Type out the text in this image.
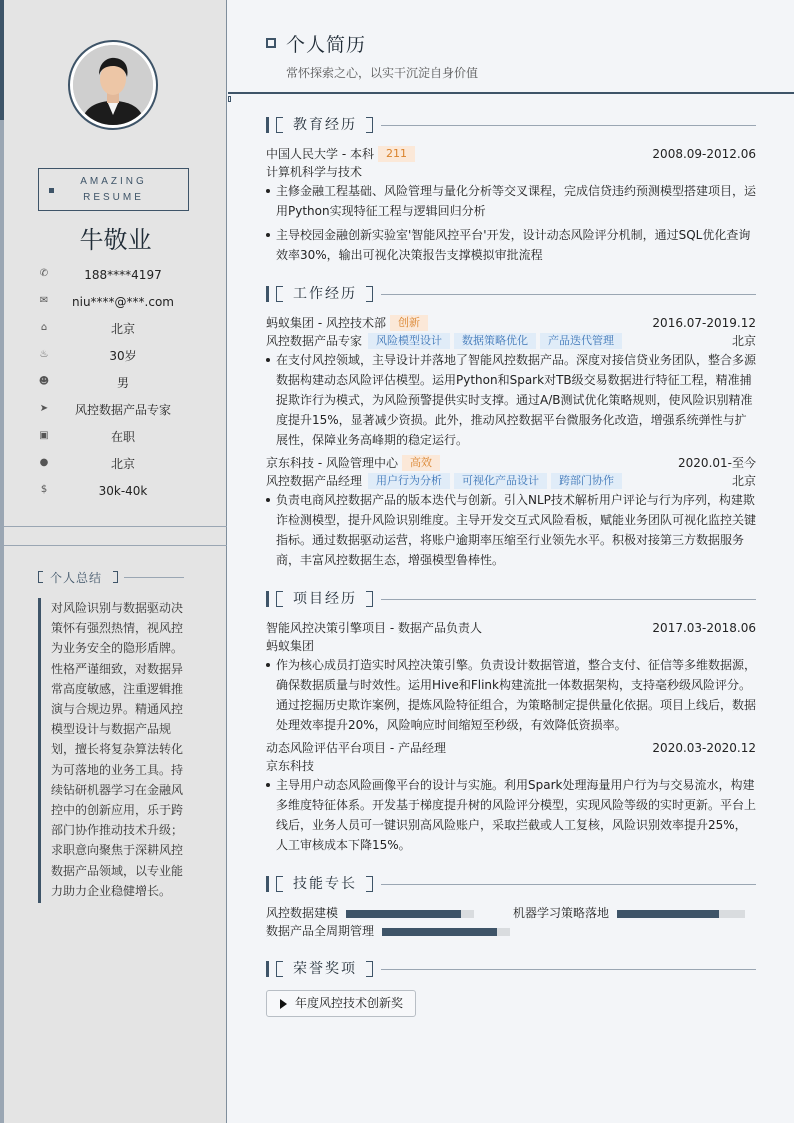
AMAZING
RESUME
牛敬业
✆	188****4197
✉	niu****@***.com
⌂	北京
♨	30岁
☻	男
➤	风控数据产品专家
▣	在职
●	北京
$	30k-40k
个人总结
对风险识别与数据驱动决策怀有强烈热情，视风控为业务安全的隐形盾牌。性格严谨细致，对数据异常高度敏感，注重逻辑推演与合规边界。精通风控模型设计与数据产品规划，擅长将复杂算法转化为可落地的业务工具。持续钻研机器学习在金融风控中的创新应用，乐于跨部门协作推动技术升级；求职意向聚焦于深耕风控数据产品领域，以专业能力助力企业稳健增长。
个人简历
常怀探索之心，以实干沉淀自身价值
教育经历
中国人民大学 - 本科 211	2008.09-2012.06
计算机科学与技术
主修金融工程基础、风险管理与量化分析等交叉课程，完成信贷违约预测模型搭建项目，运用Python实现特征工程与逻辑回归分析
主导校园金融创新实验室'智能风控平台'开发，设计动态风险评分机制，通过SQL优化查询效率30%，输出可视化决策报告支撑模拟审批流程
工作经历
蚂蚁集团 - 风控技术部 创新	2016.07-2019.12
风控数据产品专家 风险模型设计 数据策略优化 产品迭代管理	北京
在支付风控领域，主导设计并落地了智能风控数据产品。深度对接信贷业务团队，整合多源数据构建动态风险评估模型。运用Python和Spark对TB级交易数据进行特征工程，精准捕捉欺诈行为模式，为风险预警提供实时支撑。通过A/B测试优化策略规则，使风险识别精准度提升15%，显著减少资损。此外，推动风控数据平台微服务化改造，增强系统弹性与扩展性，保障业务高峰期的稳定运行。
京东科技 - 风险管理中心 高效	2020.01-至今
风控数据产品经理 用户行为分析 可视化产品设计 跨部门协作	北京
负责电商风控数据产品的版本迭代与创新。引入NLP技术解析用户评论与行为序列，构建欺诈检测模型，提升风险识别维度。主导开发交互式风险看板，赋能业务团队可视化监控关键指标。通过数据驱动运营，将账户逾期率压缩至行业领先水平。积极对接第三方数据服务商，丰富风控数据生态，增强模型鲁棒性。
项目经历
智能风控决策引擎项目 - 数据产品负责人	2017.03-2018.06
蚂蚁集团
作为核心成员打造实时风控决策引擎。负责设计数据管道，整合支付、征信等多维数据源，确保数据质量与时效性。运用Hive和Flink构建流批一体数据架构，支持毫秒级风险评分。通过挖掘历史欺诈案例，提炼风险特征组合，为策略制定提供量化依据。项目上线后，数据处理效率提升20%，风险响应时间缩短至秒级，有效降低资损率。
动态风险评估平台项目 - 产品经理	2020.03-2020.12
京东科技
主导用户动态风险画像平台的设计与实施。利用Spark处理海量用户行为与交易流水，构建多维度特征体系。开发基于梯度提升树的风险评分模型，实现风险等级的实时更新。平台上线后，业务人员可一键识别高风险账户，采取拦截或人工复核，风险识别效率提升25%，人工审核成本下降15%。
技能专长
风控数据建模	机器学习策略落地
数据产品全周期管理
荣誉奖项
年度风控技术创新奖
